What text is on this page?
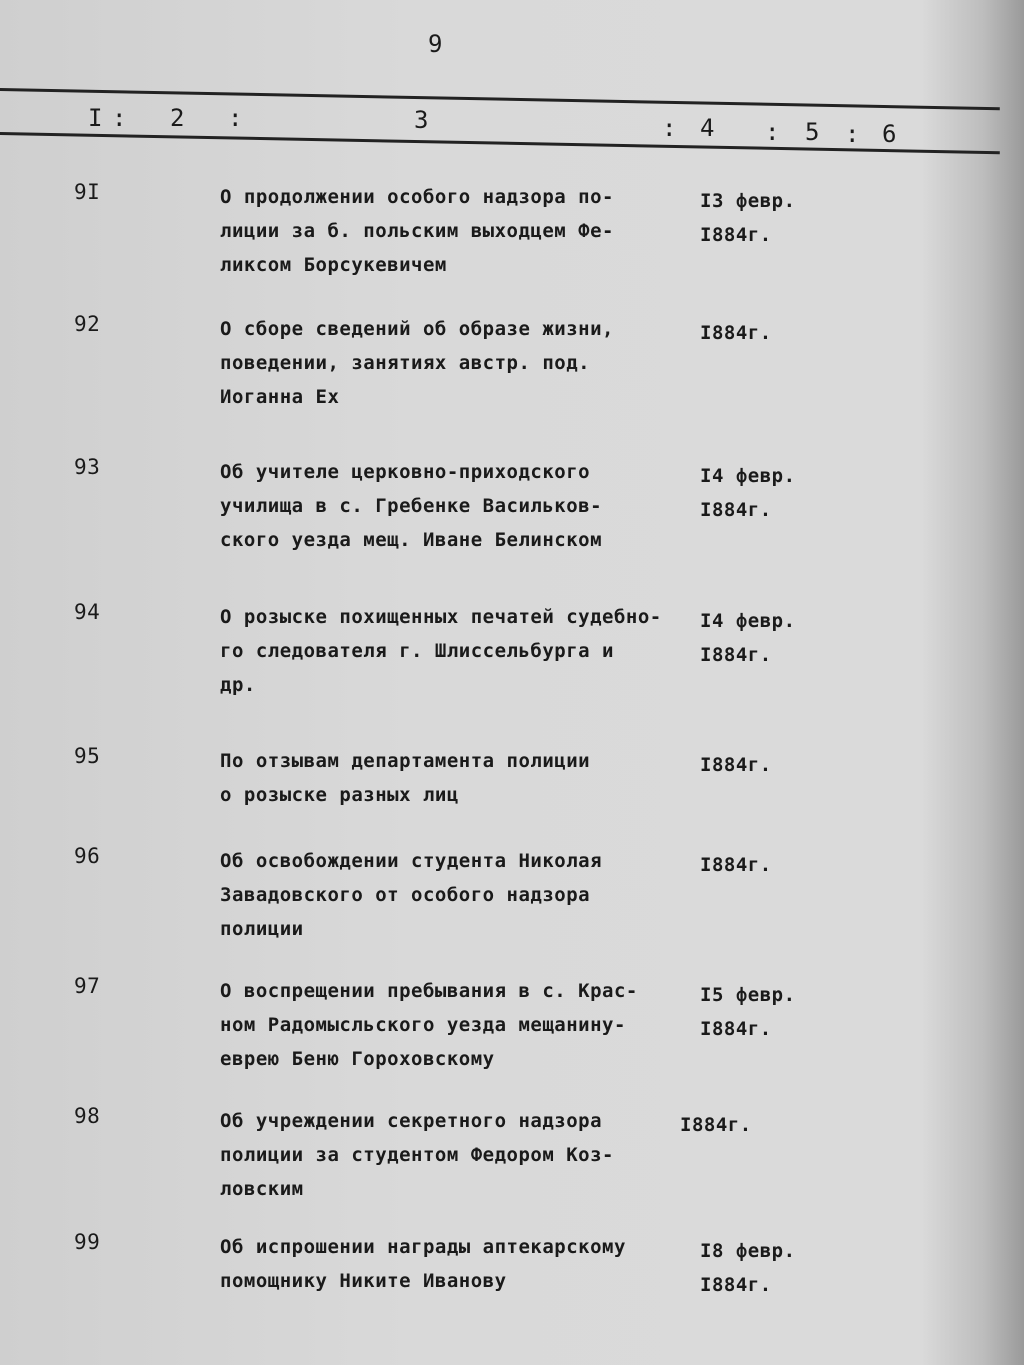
9
I : 2 :	3	: 4 : 5 : 6
9I	О продолжении особого надзора по-
лиции за б. польским выходцем Фе-
ликсом Борсукевичем
I3 февр.
I884г.
92	О сборе сведений об образе жизни,
поведении, занятиях австр. под.
Иоганна Ех
I884г.
93	Об учителе церковно-приходского
училища в с. Гребенке Васильков-
ского уезда мещ. Иване Белинском
I4 февр.
I884г.
94	О розыске похищенных печатей судебно-
го следователя г. Шлиссельбурга и
др.
I4 февр.
I884г.
95	По отзывам департамента полиции
о розыске разных лиц
I884г.
96	Об освобождении студента Николая
Завадовского от особого надзора
полиции
I884г.
97	О воспрещении пребывания в с. Крас-
ном Радомысльского уезда мещанину-
еврею Беню Гороховскому
I5 февр.
I884г.
98	Об учреждении секретного надзора
полиции за студентом Федором Коз-
ловским
I884г.
99	Об испрошении награды аптекарскому
помощнику Никите Иванову
I8 февр.
I884г.
